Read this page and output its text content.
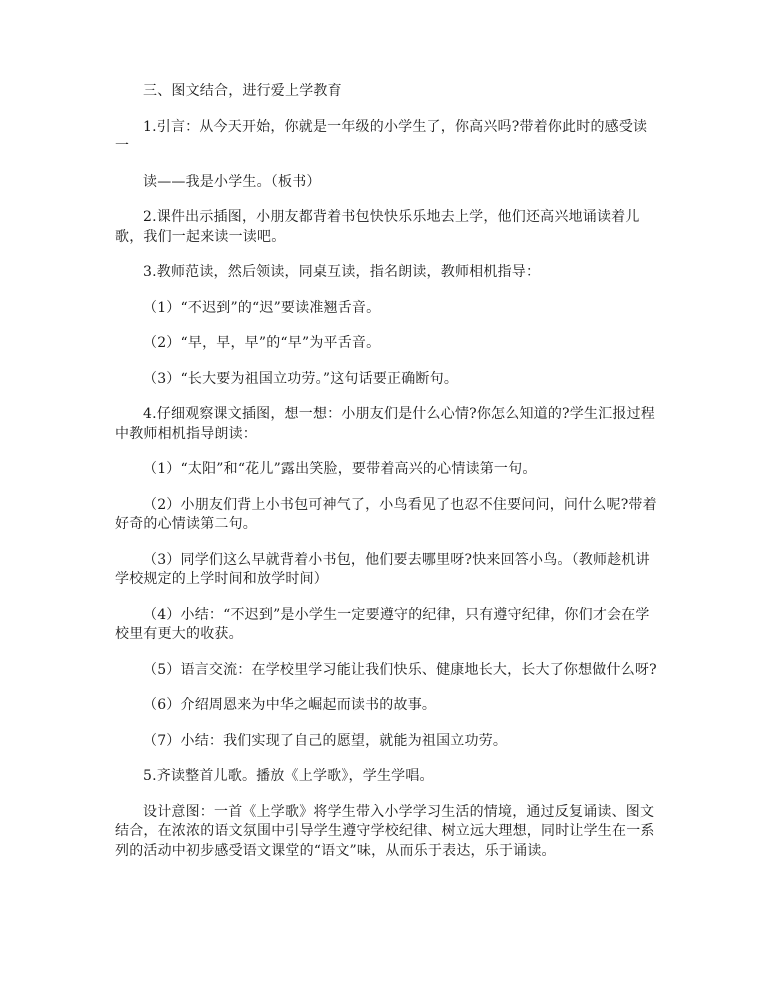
三、图文结合，进行爱上学教育

1.引言：从今天开始，你就是一年级的小学生了，你高兴吗?带着你此时的感受读一

读——我是小学生。（板书）

2.课件出示插图，小朋友都背着书包快快乐乐地去上学，他们还高兴地诵读着儿歌，我们一起来读一读吧。

3.教师范读，然后领读，同桌互读，指名朗读，教师相机指导：

（1）“不迟到”的“迟”要读准翘舌音。

（2）“早，早，早”的“早”为平舌音。

（3）“长大要为祖国立功劳。”这句话要正确断句。

4.仔细观察课文插图，想一想：小朋友们是什么心情?你怎么知道的?学生汇报过程中教师相机指导朗读：

（1）“太阳”和“花儿”露出笑脸，要带着高兴的心情读第一句。

（2）小朋友们背上小书包可神气了，小鸟看见了也忍不住要问问，问什么呢?带着好奇的心情读第二句。

（3）同学们这么早就背着小书包，他们要去哪里呀?快来回答小鸟。（教师趁机讲学校规定的上学时间和放学时间）

（4）小结：“不迟到”是小学生一定要遵守的纪律，只有遵守纪律，你们才会在学校里有更大的收获。

（5）语言交流：在学校里学习能让我们快乐、健康地长大，长大了你想做什么呀?

（6）介绍周恩来为中华之崛起而读书的故事。

（7）小结：我们实现了自己的愿望，就能为祖国立功劳。

5.齐读整首儿歌。播放《上学歌》，学生学唱。

设计意图：一首《上学歌》将学生带入小学学习生活的情境，通过反复诵读、图文结合，在浓浓的语文氛围中引导学生遵守学校纪律、树立远大理想，同时让学生在一系列的活动中初步感受语文课堂的“语文”味，从而乐于表达，乐于诵读。
